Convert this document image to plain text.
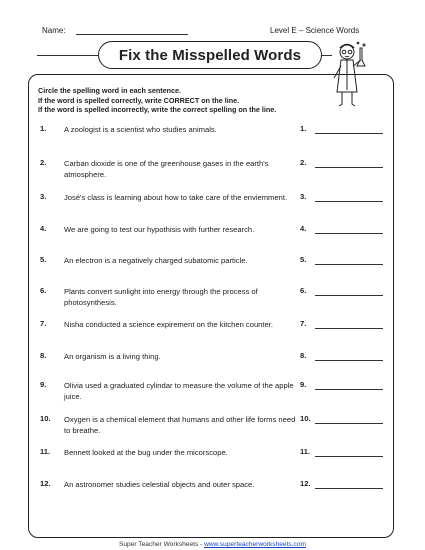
Name:	Level E – Science Words
Fix the Misspelled Words
Circle the spelling word in each sentence.
If the word is spelled correctly, write CORRECT on the line.
If the word is spelled incorrectly, write the correct spelling on the line.
1. A zoologist is a scientist who studies animals.	1.
2. Carban dioxide is one of the greenhouse gases in the earth's atmosphere.
2.
3. José's class is learning about how to take care of the enviemment.	3.
4. We are going to test our hypothisis with further research.	4.
5. An electron is a negatively charged subatomic particle.	5.
6. Plants convert sunlight into energy through the process of photosynthesis.
6.
7. Nisha conducted a science expirement on the kitchen counter.	7.
8. An organism is a living thing.	8.
9. Olivia used a graduated cylindar to measure the volume of the apple juice.
9.
10. Oxygen is a chemical element that humans and other life forms need to breathe.
10.
11. Bennett looked at the bug under the micorscope.	11.
12. An astronomer studies celestial objects and outer space.	12.
Super Teacher Worksheets - www.superteacherworksheets.com
